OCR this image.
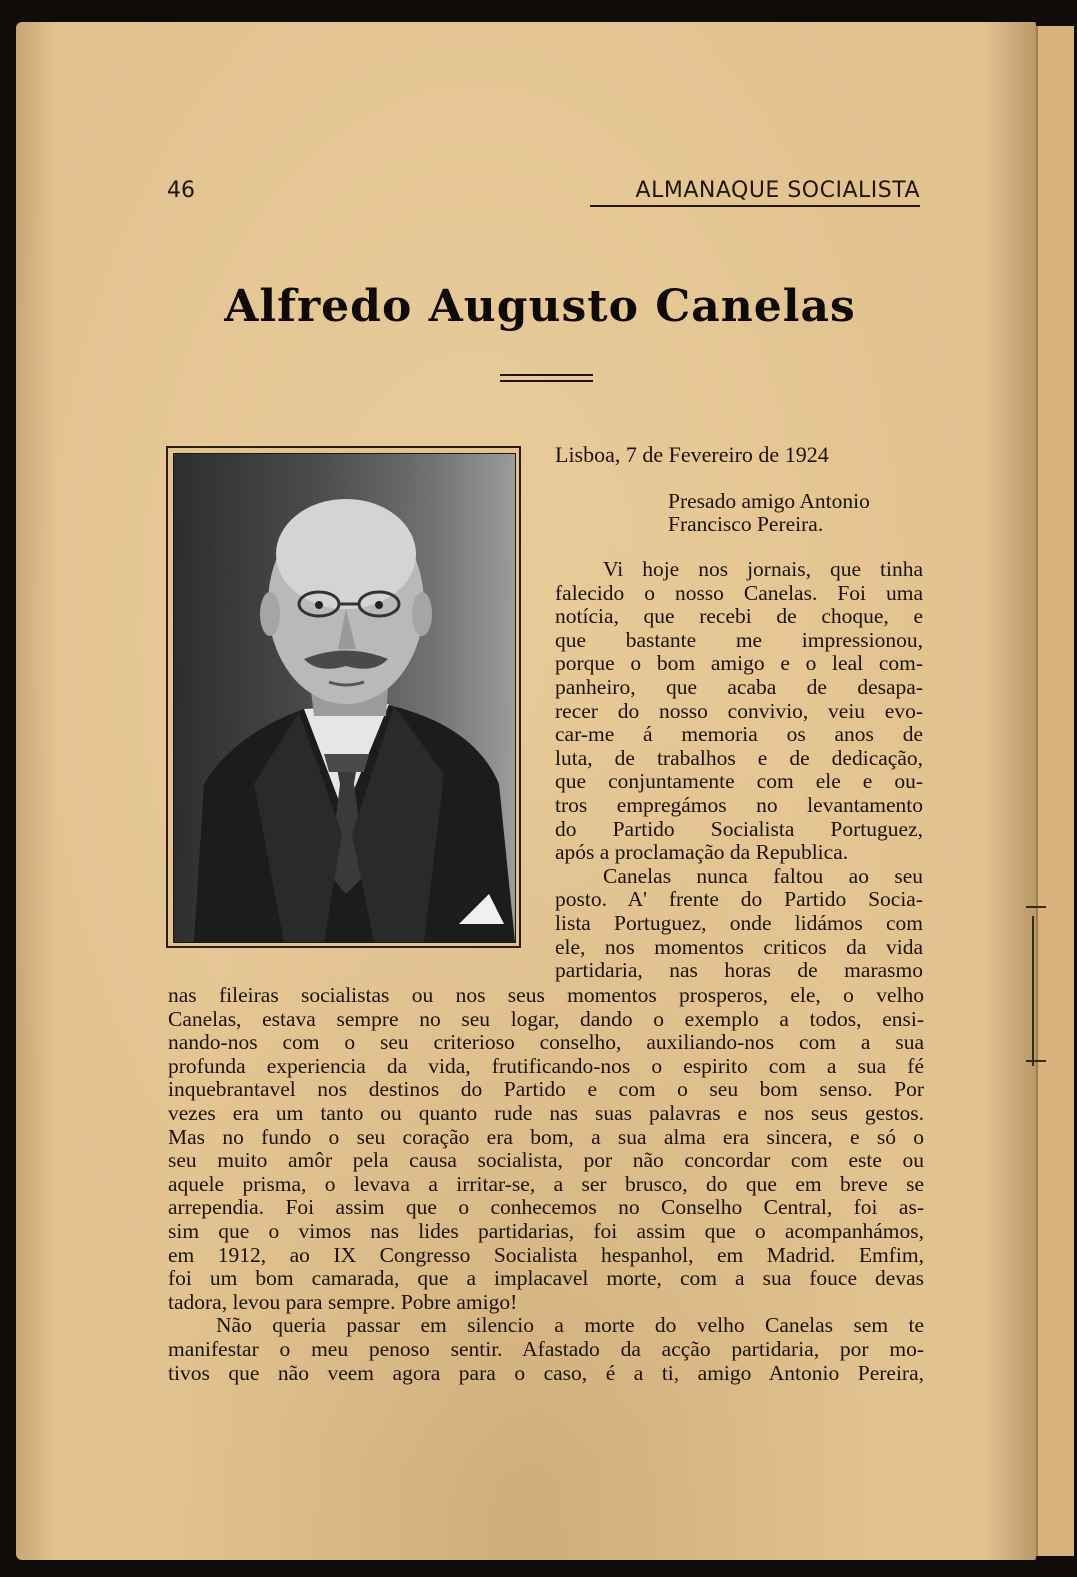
46	ALMANAQUE SOCIALISTA
Alfredo Augusto Canelas
Lisboa, 7 de Fevereiro de 1924
Presado amigo Antonio
Francisco Pereira.
Vi hoje nos jornais, que tinha
falecido o nosso Canelas. Foi uma
notícia, que recebi de choque, e
que bastante me impressionou,
porque o bom amigo e o leal com-
panheiro, que acaba de desapa-
recer do nosso convivio, veiu evo-
car-me á memoria os anos de
luta, de trabalhos e de dedicação,
que conjuntamente com ele e ou-
tros empregámos no levantamento
do Partido Socialista Portuguez,
após a proclamação da Republica.
Canelas nunca faltou ao seu
posto. A' frente do Partido Socia-
lista Portuguez, onde lidámos com
ele, nos momentos criticos da vida
partidaria, nas horas de marasmo
nas fileiras socialistas ou nos seus momentos prosperos, ele, o velho
Canelas, estava sempre no seu logar, dando o exemplo a todos, ensi-
nando-nos com o seu criterioso conselho, auxiliando-nos com a sua
profunda experiencia da vida, frutificando-nos o espirito com a sua fé
inquebrantavel nos destinos do Partido e com o seu bom senso. Por
vezes era um tanto ou quanto rude nas suas palavras e nos seus gestos.
Mas no fundo o seu coração era bom, a sua alma era sincera, e só o
seu muito amôr pela causa socialista, por não concordar com este ou
aquele prisma, o levava a irritar-se, a ser brusco, do que em breve se
arrependia. Foi assim que o conhecemos no Conselho Central, foi as-
sim que o vimos nas lides partidarias, foi assim que o acompanhámos,
em 1912, ao IX Congresso Socialista hespanhol, em Madrid. Emfim,
foi um bom camarada, que a implacavel morte, com a sua fouce devas
tadora, levou para sempre. Pobre amigo!
Não queria passar em silencio a morte do velho Canelas sem te
manifestar o meu penoso sentir. Afastado da acção partidaria, por mo-
tivos que não veem agora para o caso, é a ti, amigo Antonio Pereira,
